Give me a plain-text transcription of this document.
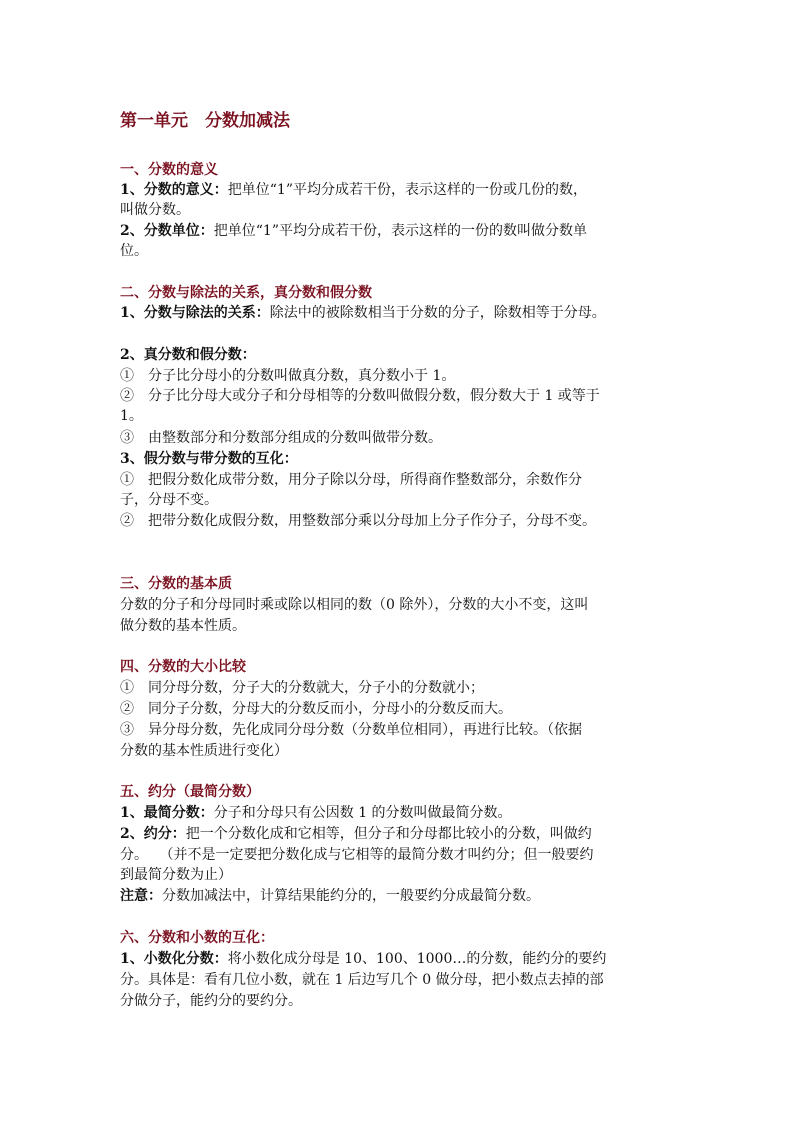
第一单元　分数加减法
一、分数的意义
1、分数的意义：把单位“1”平均分成若干份，表示这样的一份或几份的数，
叫做分数。
2、分数单位：把单位“1”平均分成若干份，表示这样的一份的数叫做分数单
位。
二、分数与除法的关系，真分数和假分数
1、分数与除法的关系：除法中的被除数相当于分数的分子，除数相等于分母。
2、真分数和假分数：
①　分子比分母小的分数叫做真分数，真分数小于 1。
②　分子比分母大或分子和分母相等的分数叫做假分数，假分数大于 1 或等于
1。
③　由整数部分和分数部分组成的分数叫做带分数。
3、假分数与带分数的互化：
①　把假分数化成带分数，用分子除以分母，所得商作整数部分，余数作分
子，分母不变。
②　把带分数化成假分数，用整数部分乘以分母加上分子作分子，分母不变。
三、分数的基本质
分数的分子和分母同时乘或除以相同的数（0 除外），分数的大小不变，这叫
做分数的基本性质。
四、分数的大小比较
①　同分母分数，分子大的分数就大，分子小的分数就小；
②　同分子分数，分母大的分数反而小，分母小的分数反而大。
③　异分母分数，先化成同分母分数（分数单位相同），再进行比较。（依据
分数的基本性质进行变化）
五、约分（最简分数）
1、最简分数：分子和分母只有公因数 1 的分数叫做最简分数。
2、约分：把一个分数化成和它相等，但分子和分母都比较小的分数，叫做约
分。　 （并不是一定要把分数化成与它相等的最简分数才叫约分；但一般要约
到最简分数为止）
注意：分数加减法中，计算结果能约分的，一般要约分成最简分数。
六、分数和小数的互化：
1、小数化分数：将小数化成分母是 10、100、1000…的分数，能约分的要约
分。具体是：看有几位小数，就在 1 后边写几个 0 做分母，把小数点去掉的部
分做分子，能约分的要约分。
